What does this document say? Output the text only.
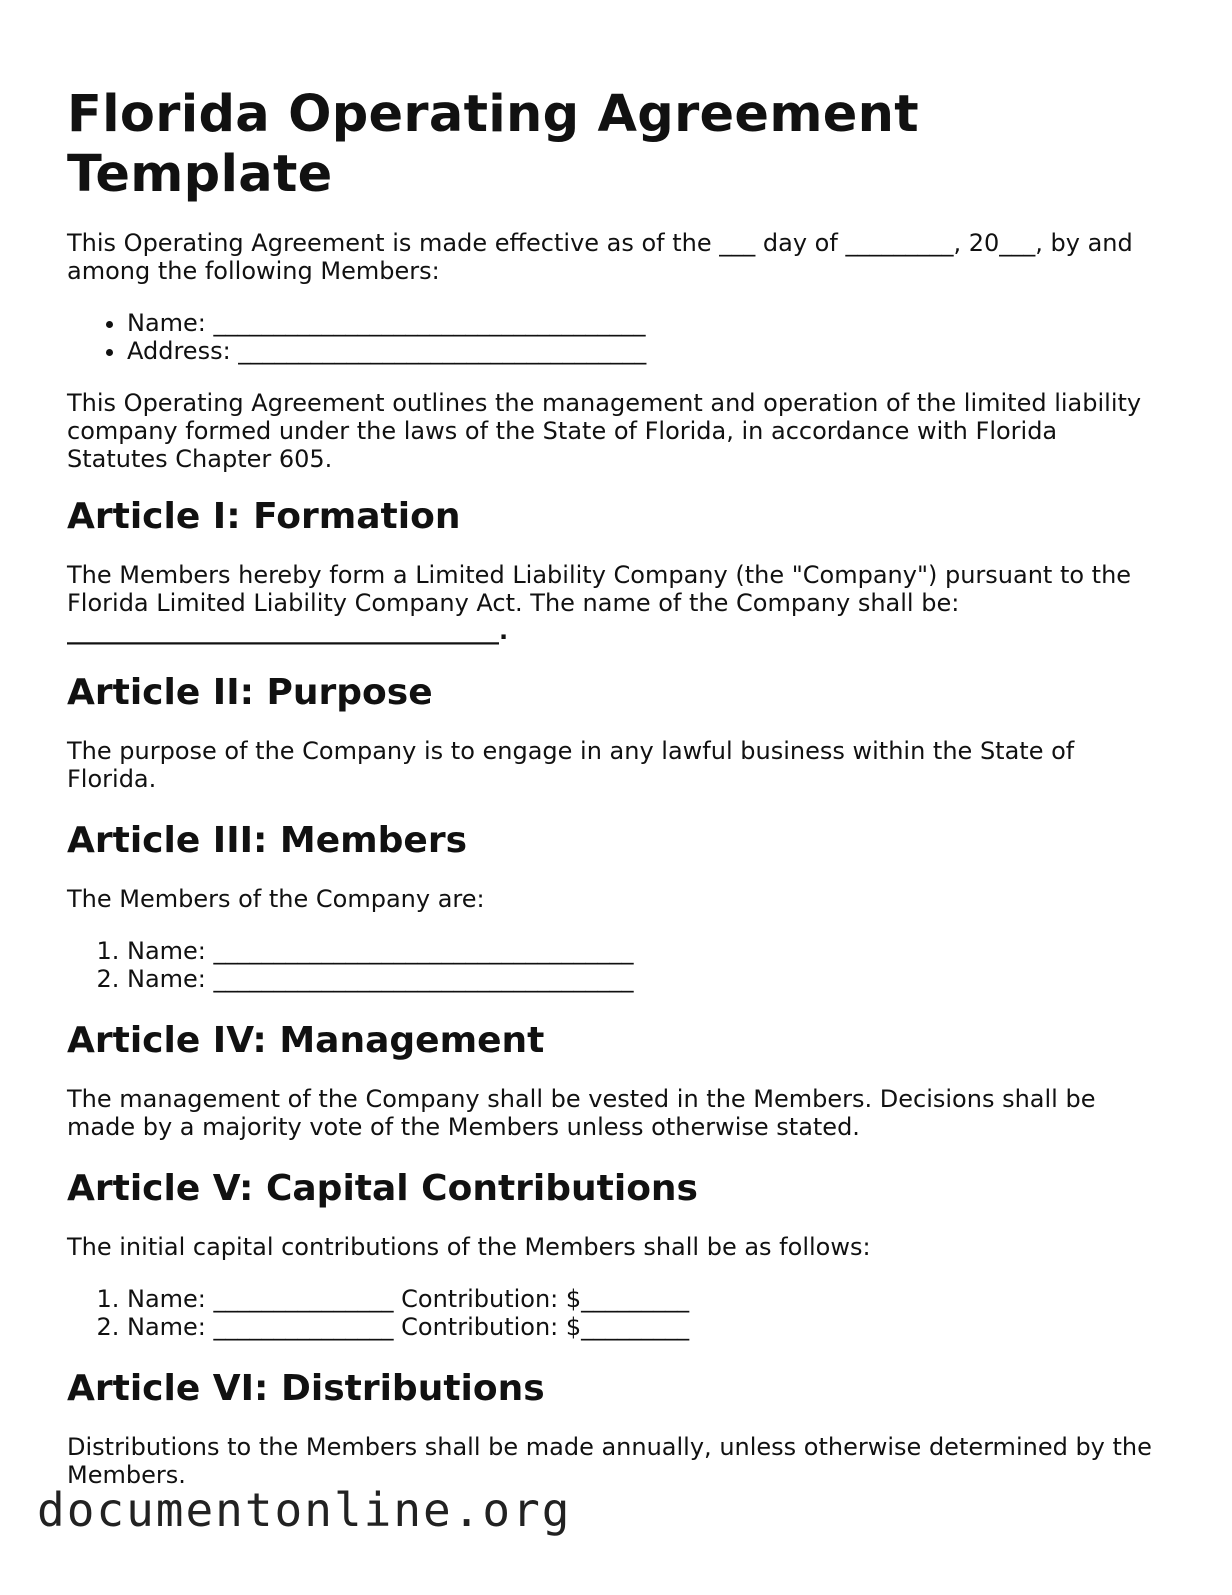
Florida Operating Agreement Template

This Operating Agreement is made effective as of the ___ day of _________, 20___, by and among the following Members:

• Name: ____________________________________
• Address: __________________________________

This Operating Agreement outlines the management and operation of the limited liability company formed under the laws of the State of Florida, in accordance with Florida Statutes Chapter 605.

Article I: Formation

The Members hereby form a Limited Liability Company (the "Company") pursuant to the Florida Limited Liability Company Act. The name of the Company shall be:
____________________________________.

Article II: Purpose

The purpose of the Company is to engage in any lawful business within the State of Florida.

Article III: Members

The Members of the Company are:

1. Name: ___________________________________
2. Name: ___________________________________
Article IV: Management

The management of the Company shall be vested in the Members. Decisions shall be made by a majority vote of the Members unless otherwise stated.

Article V: Capital Contributions

The initial capital contributions of the Members shall be as follows:

1. Name: _______________ Contribution: $_________
2. Name: _______________ Contribution: $_________
Article VI: Distributions

Distributions to the Members shall be made annually, unless otherwise determined by the Members.

documentonline.org
